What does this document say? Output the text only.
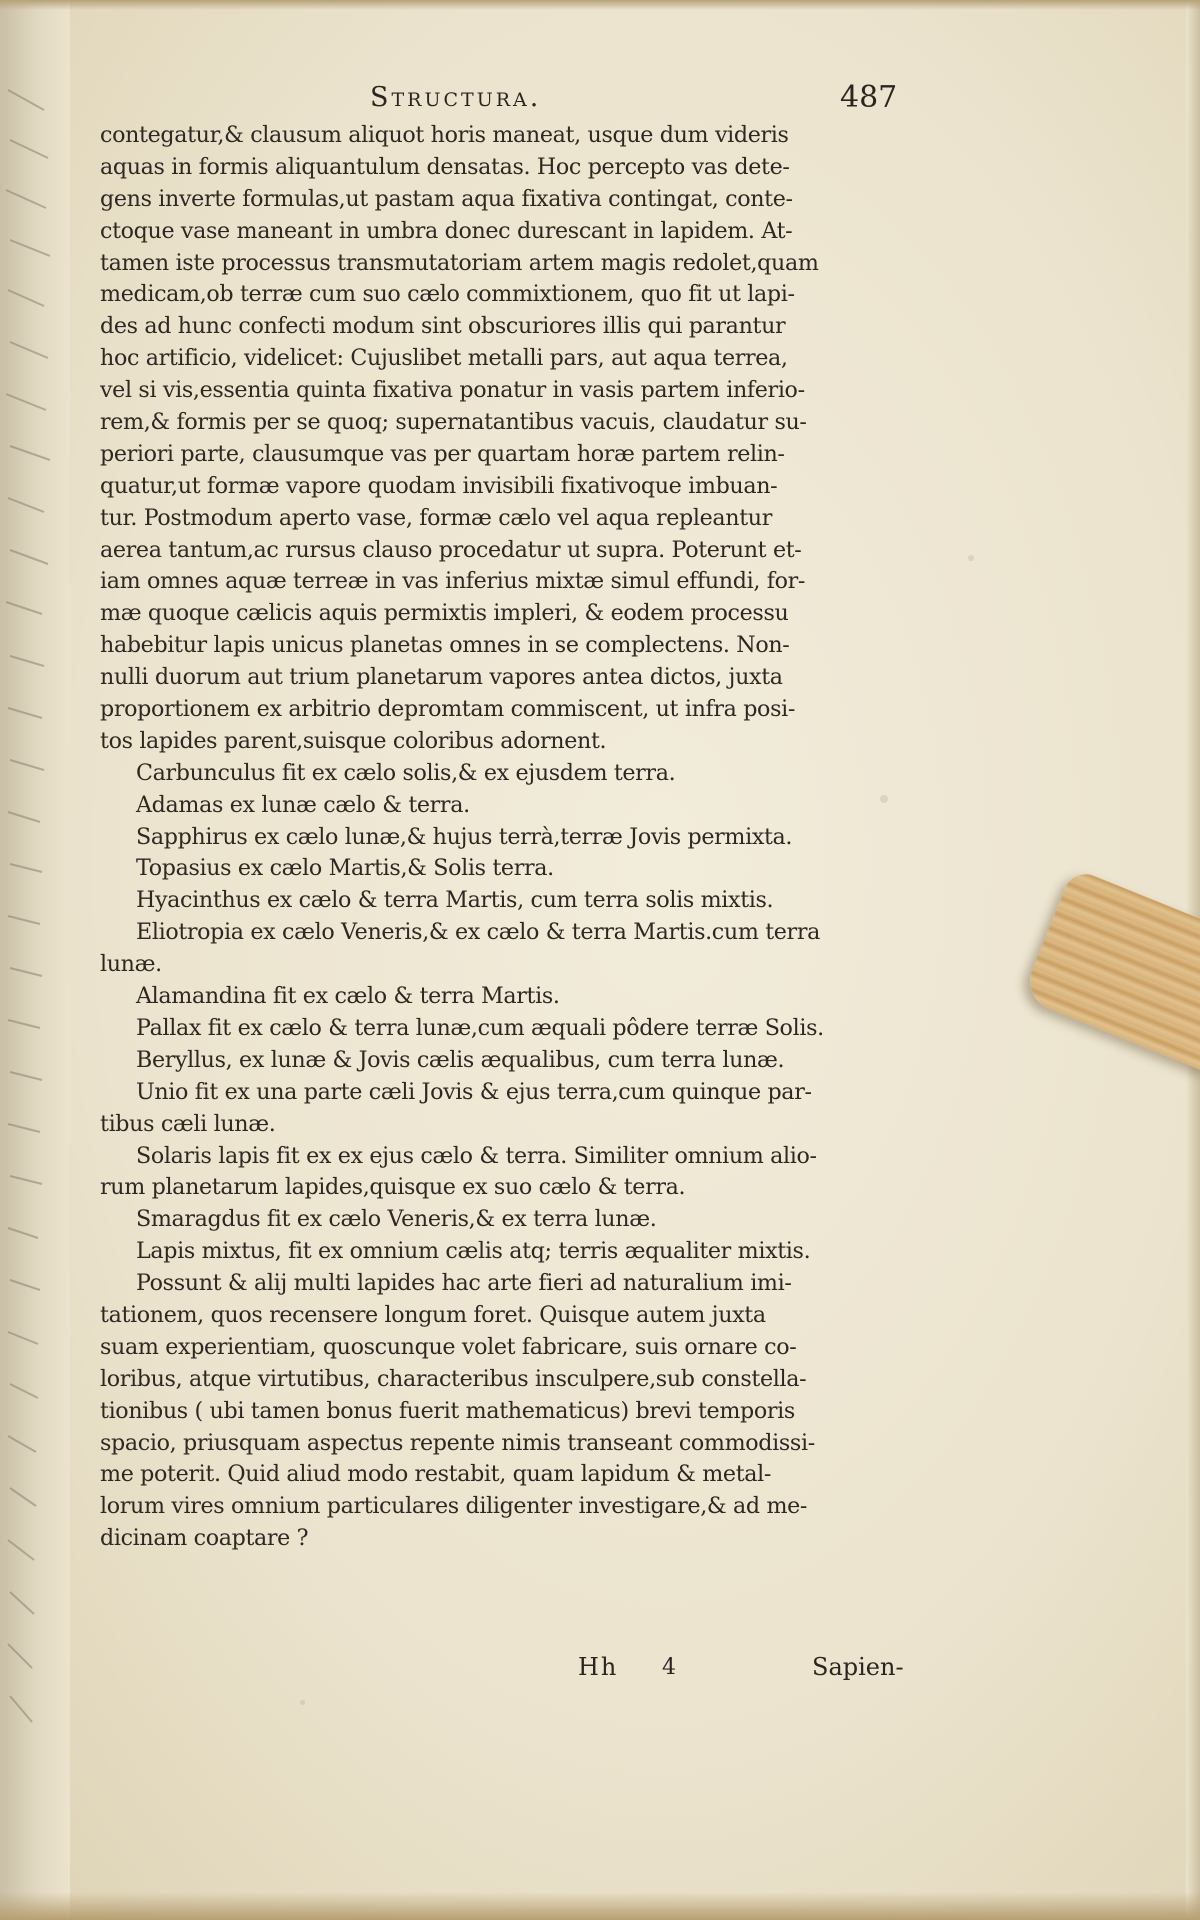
Structura.	487
contegatur,& clausum aliquot horis maneat, usque dum videris
aquas in formis aliquantulum densatas. Hoc percepto vas dete-
gens inverte formulas,ut pastam aqua fixativa contingat, conte-
ctoque vase maneant in umbra donec durescant in lapidem. At-
tamen iste processus transmutatoriam artem magis redolet,quam
medicam,ob terræ cum suo cælo commixtionem, quo fit ut lapi-
des ad hunc confecti modum sint obscuriores illis qui parantur
hoc artificio, videlicet: Cujuslibet metalli pars, aut aqua terrea,
vel si vis,essentia quinta fixativa ponatur in vasis partem inferio-
rem,& formis per se quoq; supernatantibus vacuis, claudatur su-
periori parte, clausumque vas per quartam horæ partem relin-
quatur,ut formæ vapore quodam invisibili fixativoque imbuan-
tur. Postmodum aperto vase, formæ cælo vel aqua repleantur
aerea tantum,ac rursus clauso procedatur ut supra. Poterunt et-
iam omnes aquæ terreæ in vas inferius mixtæ simul effundi, for-
mæ quoque cælicis aquis permixtis impleri, & eodem processu
habebitur lapis unicus planetas omnes in se complectens. Non-
nulli duorum aut trium planetarum vapores antea dictos, juxta
proportionem ex arbitrio depromtam commiscent, ut infra posi-
tos lapides parent,suisque coloribus adornent.
Carbunculus fit ex cælo solis,& ex ejusdem terra.
Adamas ex lunæ cælo & terra.
Sapphirus ex cælo lunæ,& hujus terrà,terræ Jovis permixta.
Topasius ex cælo Martis,& Solis terra.
Hyacinthus ex cælo & terra Martis, cum terra solis mixtis.
Eliotropia ex cælo Veneris,& ex cælo & terra Martis.cum terra
lunæ.
Alamandina fit ex cælo & terra Martis.
Pallax fit ex cælo & terra lunæ,cum æquali pôdere terræ Solis.
Beryllus, ex lunæ & Jovis cælis æqualibus, cum terra lunæ.
Unio fit ex una parte cæli Jovis & ejus terra,cum quinque par-
tibus cæli lunæ.
Solaris lapis fit ex ex ejus cælo & terra. Similiter omnium alio-
rum planetarum lapides,quisque ex suo cælo & terra.
Smaragdus fit ex cælo Veneris,& ex terra lunæ.
Lapis mixtus, fit ex omnium cælis atq; terris æqualiter mixtis.
Possunt & alij multi lapides hac arte fieri ad naturalium imi-
tationem, quos recensere longum foret. Quisque autem juxta
suam experientiam, quoscunque volet fabricare, suis ornare co-
loribus, atque virtutibus, characteribus insculpere,sub constella-
tionibus ( ubi tamen bonus fuerit mathematicus) brevi temporis
spacio, priusquam aspectus repente nimis transeant commodissi-
me poterit. Quid aliud modo restabit, quam lapidum & metal-
lorum vires omnium particulares diligenter investigare,& ad me-
dicinam coaptare ?
Hh 4	Sapien-
